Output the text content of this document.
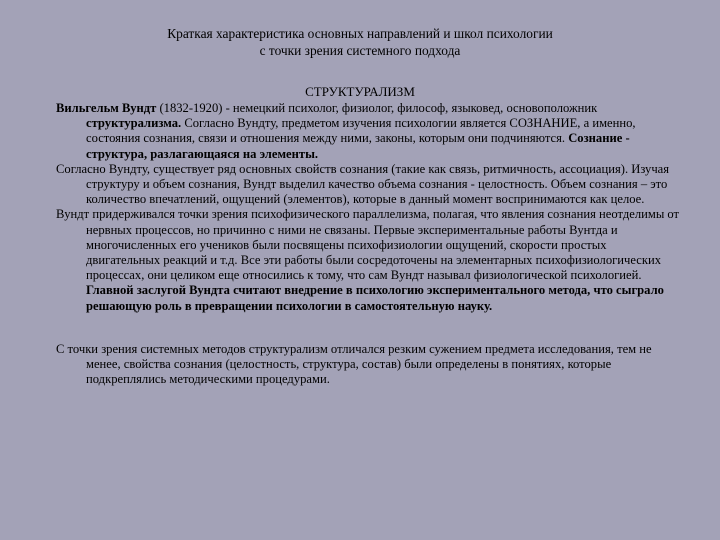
Краткая характеристика основных направлений и школ психологии
с точки зрения системного подхода
СТРУКТУРАЛИЗМ

Вильгельм Вундт (1832-1920) - немецкий психолог, физиолог, философ, языковед, основоположник структурализма. Согласно Вундту, предметом изучения психологии является СОЗНАНИЕ, а именно, состояния сознания, связи и отношения между ними, законы, которым они подчиняются. Сознание - структура, разлагающаяся на элементы.

Согласно Вундту, существует ряд основных свойств сознания (такие как связь, ритмичность, ассоциация). Изучая структуру и объем сознания, Вундт выделил качество объема сознания - целостность. Объем сознания – это количество впечатлений, ощущений (элементов), которые в данный момент воспринимаются как целое.

Вундт придерживался точки зрения психофизического параллелизма, полагая, что явления сознания неотделимы от нервных процессов, но причинно с ними не связаны. Первые экспериментальные работы Вунтда и многочисленных его учеников были посвящены психофизиологии ощущений, скорости простых двигательных реакций и т.д. Все эти работы были сосредоточены на элементарных психофизиологических процессах, они целиком еще относились к тому, что сам Вундт называл физиологической психологией. Главной заслугой Вундта считают внедрение в психологию экспериментального метода, что сыграло решающую роль в превращении психологии в самостоятельную науку.

С точки зрения системных методов структурализм отличался резким сужением предмета исследования, тем не менее, свойства сознания (целостность, структура, состав) были определены в понятиях, которые подкреплялись методическими процедурами.
